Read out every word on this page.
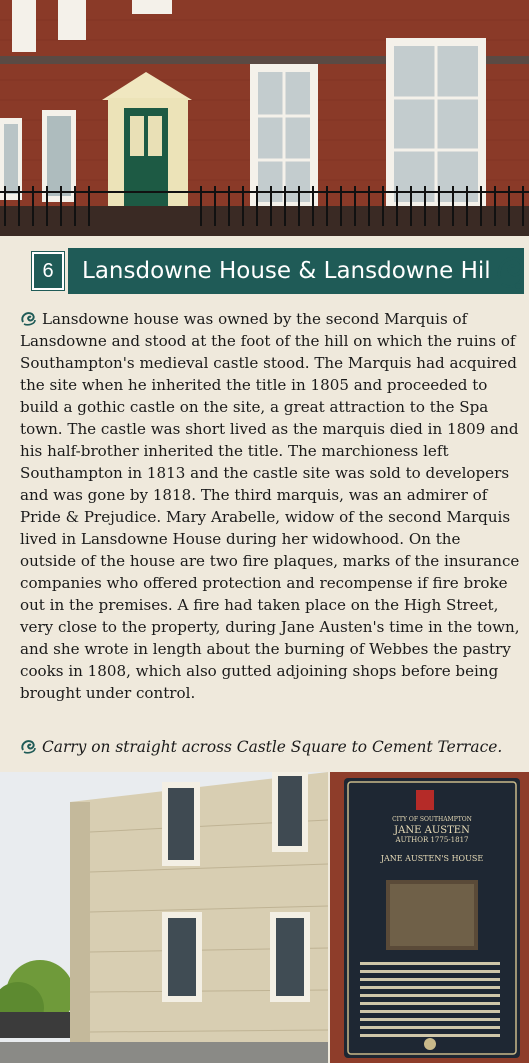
6	Lansdowne House & Lansdowne Hil
Lansdowne house was owned by the second Marquis of Lansdowne and stood at the foot of the hill on which the ruins of Southampton's medieval castle stood. The Marquis had acquired the site when he inherited the title in 1805 and proceeded to build a gothic castle on the site, a great attraction to the Spa town. The castle was short lived as the marquis died in 1809 and his half-brother inherited the title. The marchioness left Southampton in 1813 and the castle site was sold to developers and was gone by 1818. The third marquis, was an admirer of Pride & Prejudice. Mary Arabelle, widow of the second Marquis lived in Lansdowne House during her widowhood. On the outside of the house are two fire plaques, marks of the insurance companies who offered protection and recompense if fire broke out in the premises. A fire had taken place on the High Street, very close to the property, during Jane Austen's time in the town, and she wrote in length about the burning of Webbes the pastry cooks in 1808, which also gutted adjoining shops before being brought under control.
Carry on straight across Castle Square to Cement Terrace.
CITY OF SOUTHAMPTON
JANE AUSTEN
AUTHOR 1775-1817
JANE AUSTEN'S HOUSE
